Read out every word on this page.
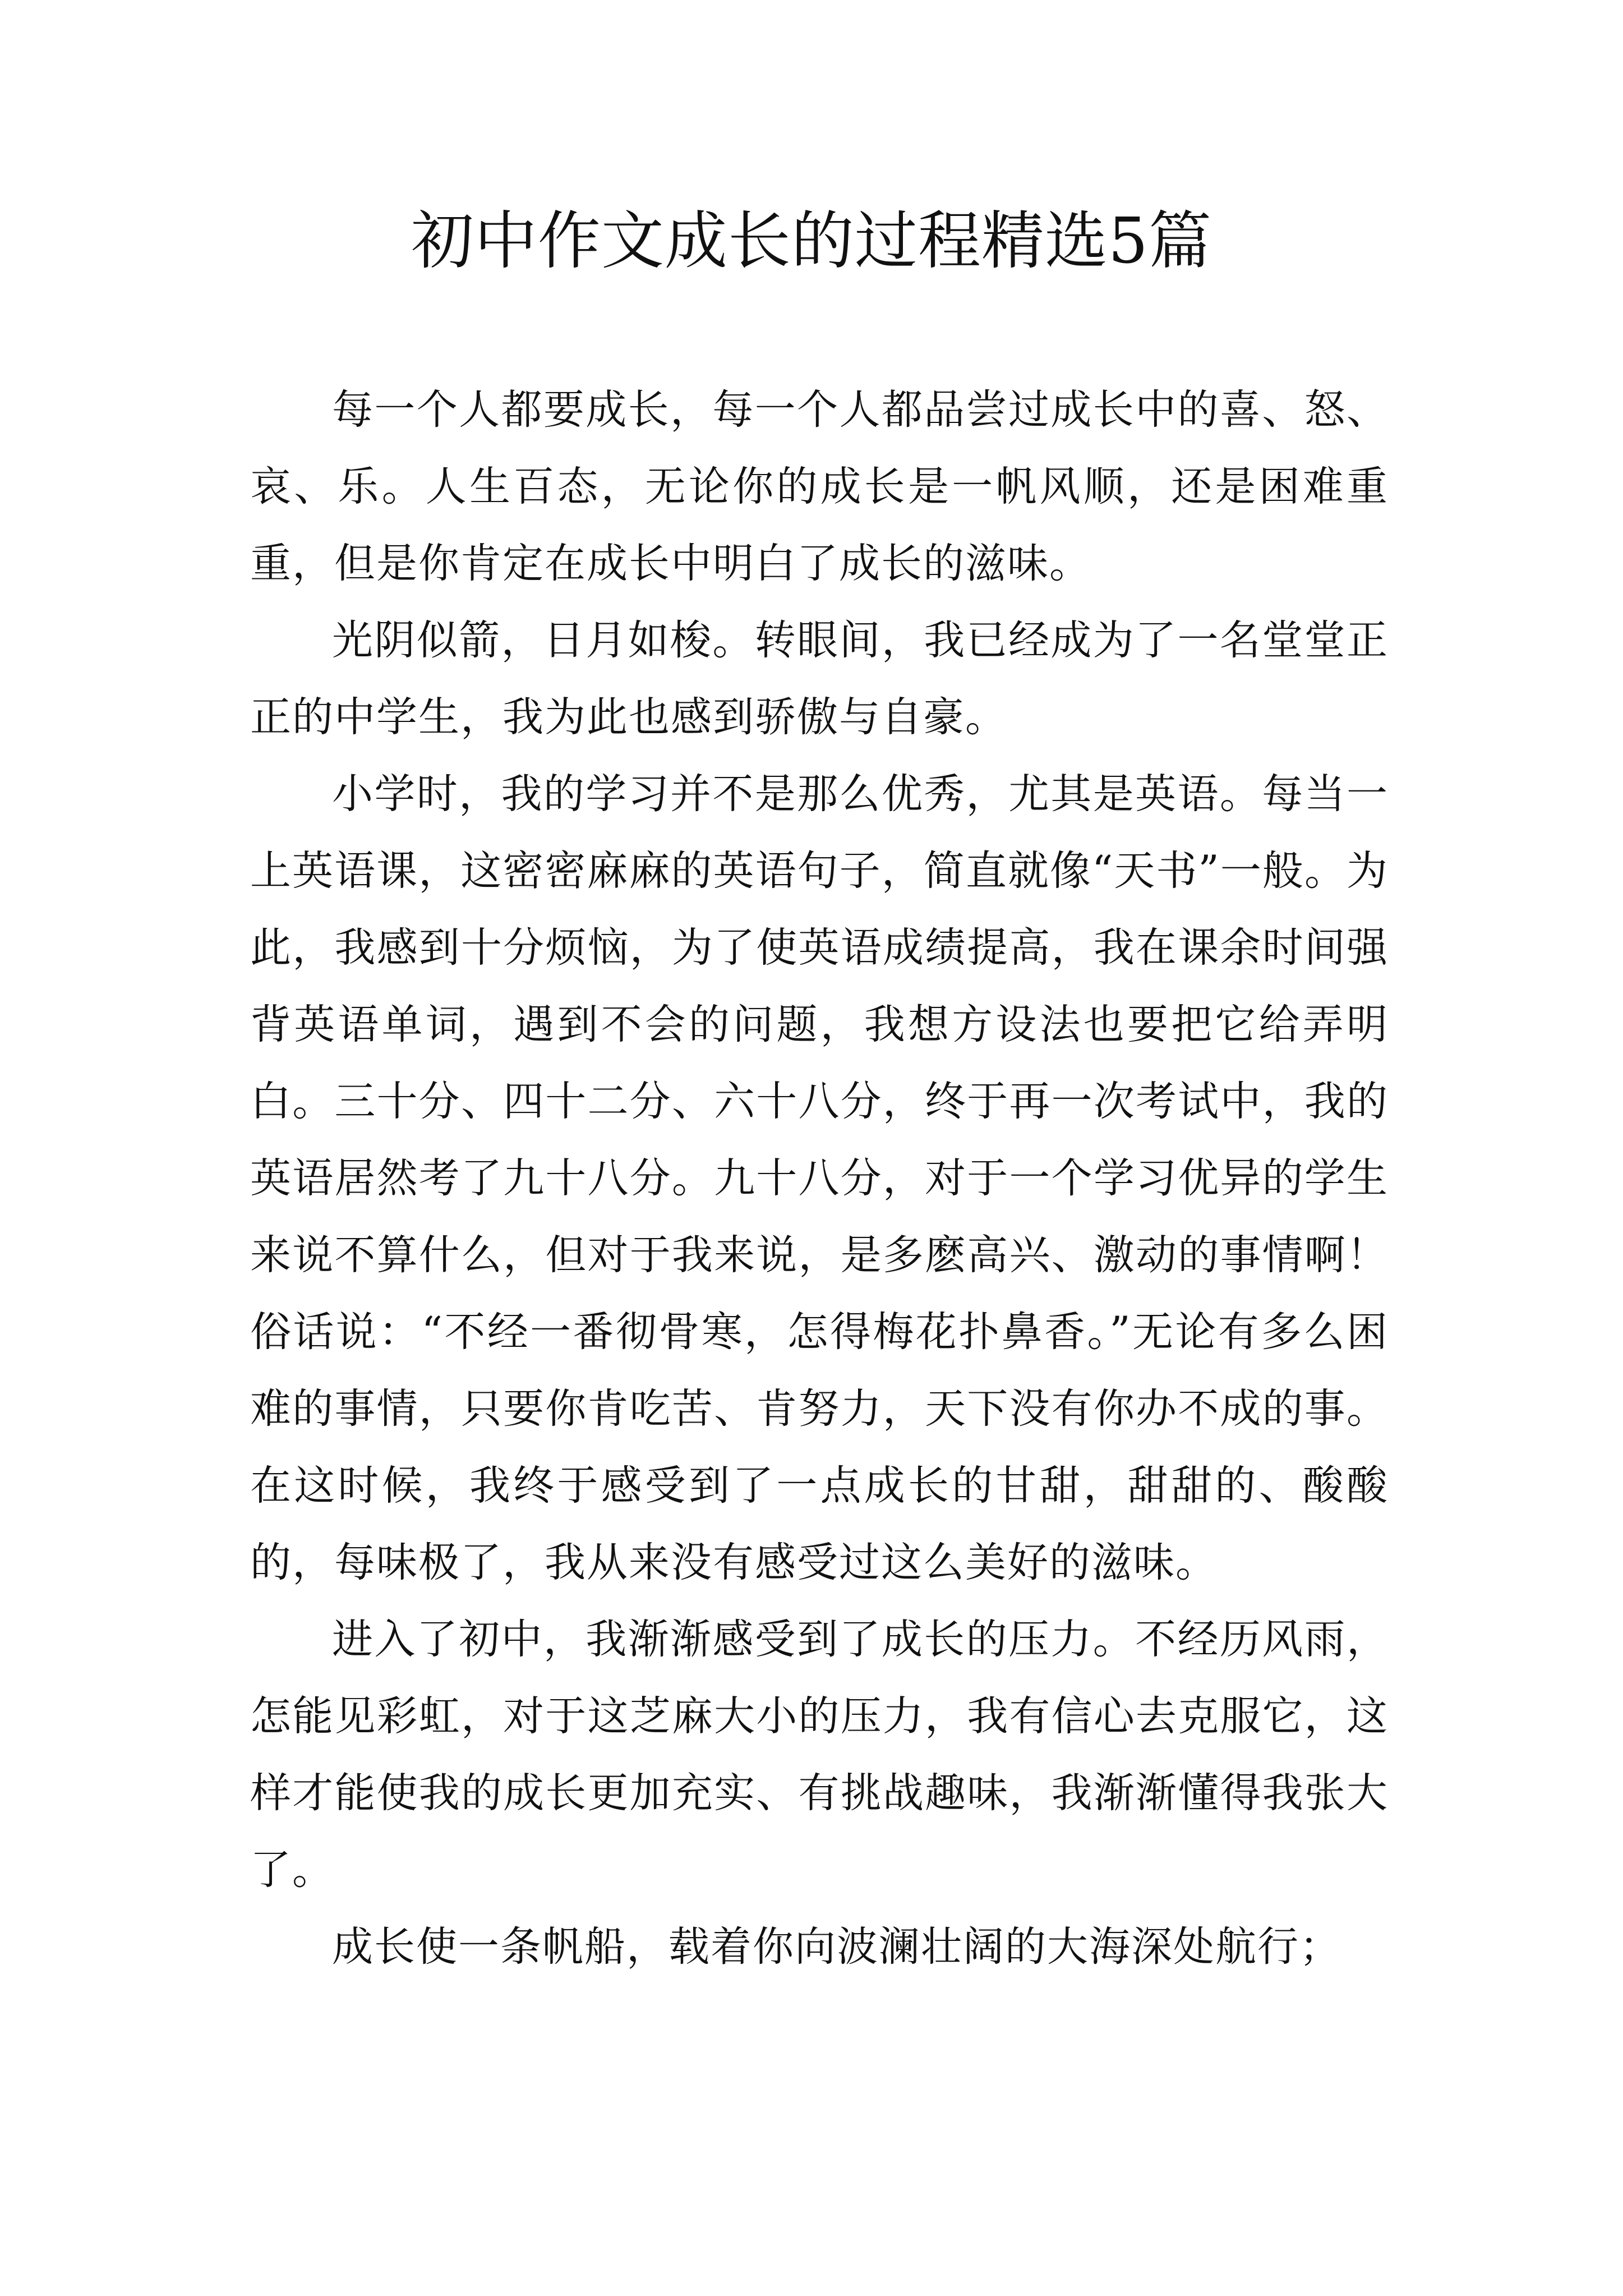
初中作文成长的过程精选5篇

每一个人都要成长，每一个人都品尝过成长中的喜、怒、哀、乐。人生百态，无论你的成长是一帆风顺，还是困难重重，但是你肯定在成长中明白了成长的滋味。

光阴似箭，日月如梭。转眼间，我已经成为了一名堂堂正正的中学生，我为此也感到骄傲与自豪。

小学时，我的学习并不是那么优秀，尤其是英语。每当一上英语课，这密密麻麻的英语句子，简直就像“天书”一般。为此，我感到十分烦恼，为了使英语成绩提高，我在课余时间强背英语单词，遇到不会的问题，我想方设法也要把它给弄明白。三十分、四十二分、六十八分，终于再一次考试中，我的英语居然考了九十八分。九十八分，对于一个学习优异的学生来说不算什么，但对于我来说，是多麽高兴、激动的事情啊！俗话说：“不经一番彻骨寒，怎得梅花扑鼻香。”无论有多么困难的事情，只要你肯吃苦、肯努力，天下没有你办不成的事。在这时候，我终于感受到了一点成长的甘甜，甜甜的、酸酸的，每味极了，我从来没有感受过这么美好的滋味。

进入了初中，我渐渐感受到了成长的压力。不经历风雨，怎能见彩虹，对于这芝麻大小的压力，我有信心去克服它，这样才能使我的成长更加充实、有挑战趣味，我渐渐懂得我张大了。

成长使一条帆船，载着你向波澜壮阔的大海深处航行；
